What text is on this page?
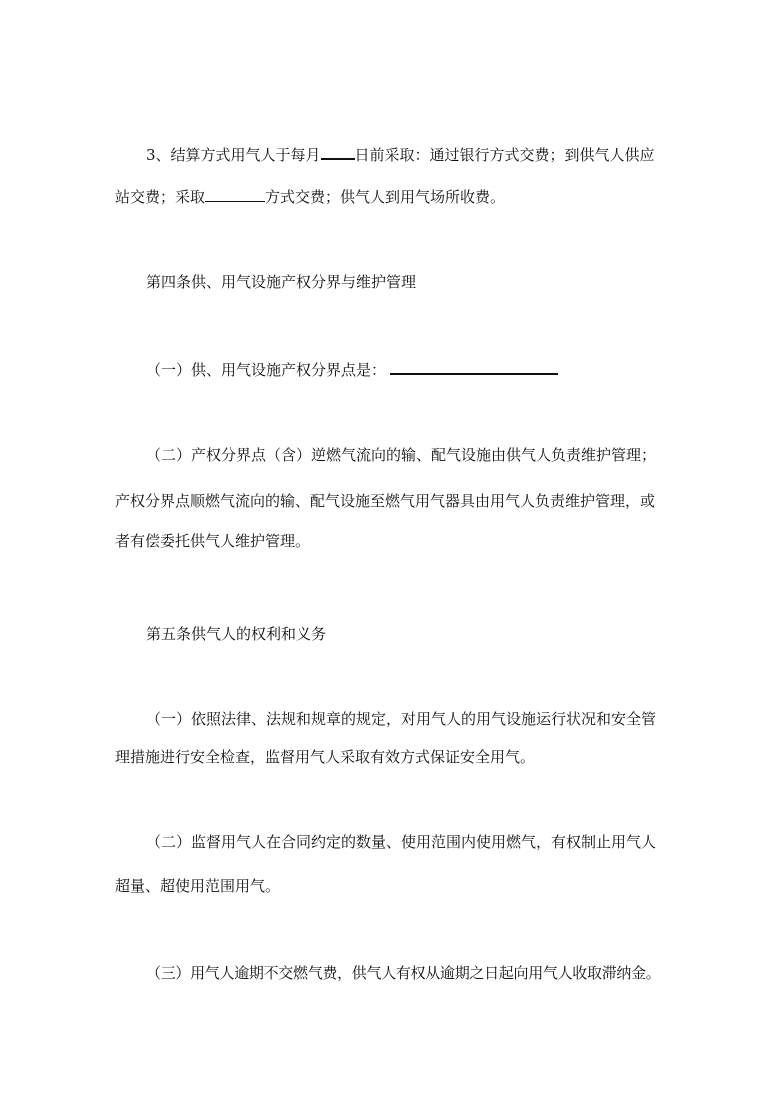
3、结算方式用气人于每月 日前采取：通过银行方式交费；到供气人供应

站交费；采取	方式交费；供气人到用气场所收费。

第四条供、用气设施产权分界与维护管理

（一）供、用气设施产权分界点是：

（二）产权分界点（含）逆燃气流向的输、配气设施由供气人负责维护管理；

产权分界点顺燃气流向的输、配气设施至燃气用气器具由用气人负责维护管理，或

者有偿委托供气人维护管理。

第五条供气人的权利和义务

（一）依照法律、法规和规章的规定，对用气人的用气设施运行状况和安全管

理措施进行安全检查，监督用气人采取有效方式保证安全用气。

（二）监督用气人在合同约定的数量、使用范围内使用燃气，有权制止用气人

超量、超使用范围用气。

（三）用气人逾期不交燃气费，供气人有权从逾期之日起向用气人收取滞纳金。
